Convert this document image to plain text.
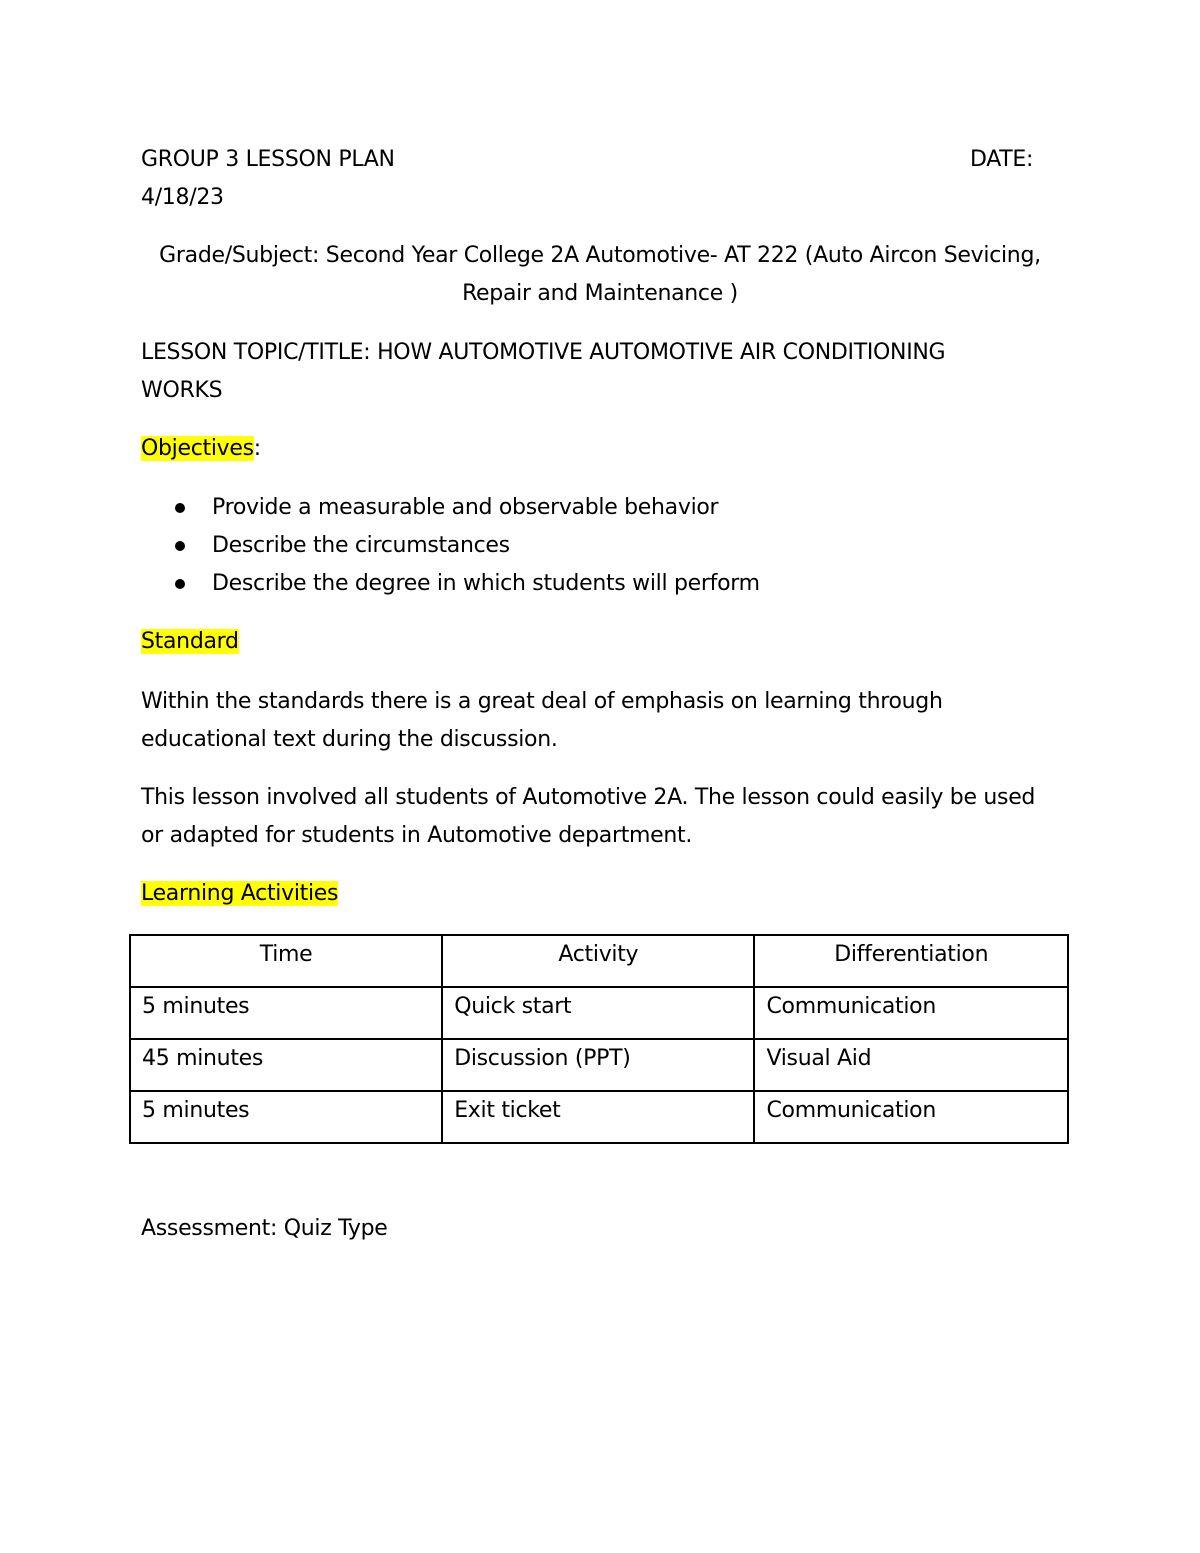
GROUP 3 LESSON PLAN	DATE:
4/18/23
Grade/Subject: Second Year College 2A Automotive- AT 222 (Auto Aircon Sevicing,
Repair and Maintenance )
LESSON TOPIC/TITLE: HOW AUTOMOTIVE AUTOMOTIVE AIR CONDITIONING WORKS
Objectives:
Provide a measurable and observable behavior
Describe the circumstances
Describe the degree in which students will perform
Standard
Within the standards there is a great deal of emphasis on learning through educational text during the discussion.
This lesson involved all students of Automotive 2A. The lesson could easily be used or adapted for students in Automotive department.
Learning Activities
Time	Activity	Differentiation
5 minutes	Quick start	Communication
45 minutes	Discussion (PPT)	Visual Aid
5 minutes	Exit ticket	Communication
Assessment: Quiz Type
